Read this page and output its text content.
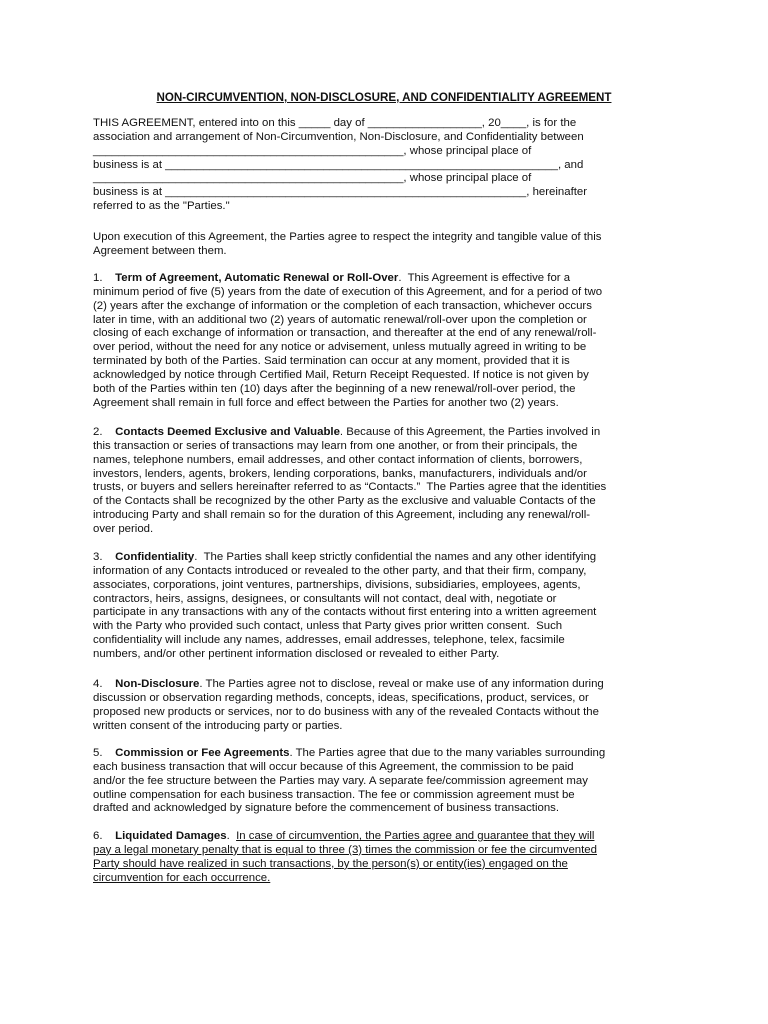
NON-CIRCUMVENTION, NON-DISCLOSURE, AND CONFIDENTIALITY AGREEMENT
THIS AGREEMENT, entered into on this _____ day of __________________, 20____, is for the
association and arrangement of Non-Circumvention, Non-Disclosure, and Confidentiality between
_________________________________________________, whose principal place of
business is at ______________________________________________________________, and
_________________________________________________, whose principal place of
business is at _________________________________________________________, hereinafter
referred to as the "Parties."
Upon execution of this Agreement, the Parties agree to respect the integrity and tangible value of this
Agreement between them.
1. Term of Agreement, Automatic Renewal or Roll-Over.  This Agreement is effective for a
minimum period of five (5) years from the date of execution of this Agreement, and for a period of two
(2) years after the exchange of information or the completion of each transaction, whichever occurs
later in time, with an additional two (2) years of automatic renewal/roll-over upon the completion or
closing of each exchange of information or transaction, and thereafter at the end of any renewal/roll-
over period, without the need for any notice or advisement, unless mutually agreed in writing to be
terminated by both of the Parties. Said termination can occur at any moment, provided that it is
acknowledged by notice through Certified Mail, Return Receipt Requested. If notice is not given by
both of the Parties within ten (10) days after the beginning of a new renewal/roll-over period, the
Agreement shall remain in full force and effect between the Parties for another two (2) years.
2. Contacts Deemed Exclusive and Valuable. Because of this Agreement, the Parties involved in
this transaction or series of transactions may learn from one another, or from their principals, the
names, telephone numbers, email addresses, and other contact information of clients, borrowers,
investors, lenders, agents, brokers, lending corporations, banks, manufacturers, individuals and/or
trusts, or buyers and sellers hereinafter referred to as “Contacts.”  The Parties agree that the identities
of the Contacts shall be recognized by the other Party as the exclusive and valuable Contacts of the
introducing Party and shall remain so for the duration of this Agreement, including any renewal/roll-
over period.
3. Confidentiality.  The Parties shall keep strictly confidential the names and any other identifying
information of any Contacts introduced or revealed to the other party, and that their firm, company,
associates, corporations, joint ventures, partnerships, divisions, subsidiaries, employees, agents,
contractors, heirs, assigns, designees, or consultants will not contact, deal with, negotiate or
participate in any transactions with any of the contacts without first entering into a written agreement
with the Party who provided such contact, unless that Party gives prior written consent.  Such
confidentiality will include any names, addresses, email addresses, telephone, telex, facsimile
numbers, and/or other pertinent information disclosed or revealed to either Party.
4. Non-Disclosure. The Parties agree not to disclose, reveal or make use of any information during
discussion or observation regarding methods, concepts, ideas, specifications, product, services, or
proposed new products or services, nor to do business with any of the revealed Contacts without the
written consent of the introducing party or parties.
5. Commission or Fee Agreements. The Parties agree that due to the many variables surrounding
each business transaction that will occur because of this Agreement, the commission to be paid
and/or the fee structure between the Parties may vary. A separate fee/commission agreement may
outline compensation for each business transaction. The fee or commission agreement must be
drafted and acknowledged by signature before the commencement of business transactions.
6. Liquidated Damages.  In case of circumvention, the Parties agree and guarantee that they will
pay a legal monetary penalty that is equal to three (3) times the commission or fee the circumvented
Party should have realized in such transactions, by the person(s) or entity(ies) engaged on the
circumvention for each occurrence.
